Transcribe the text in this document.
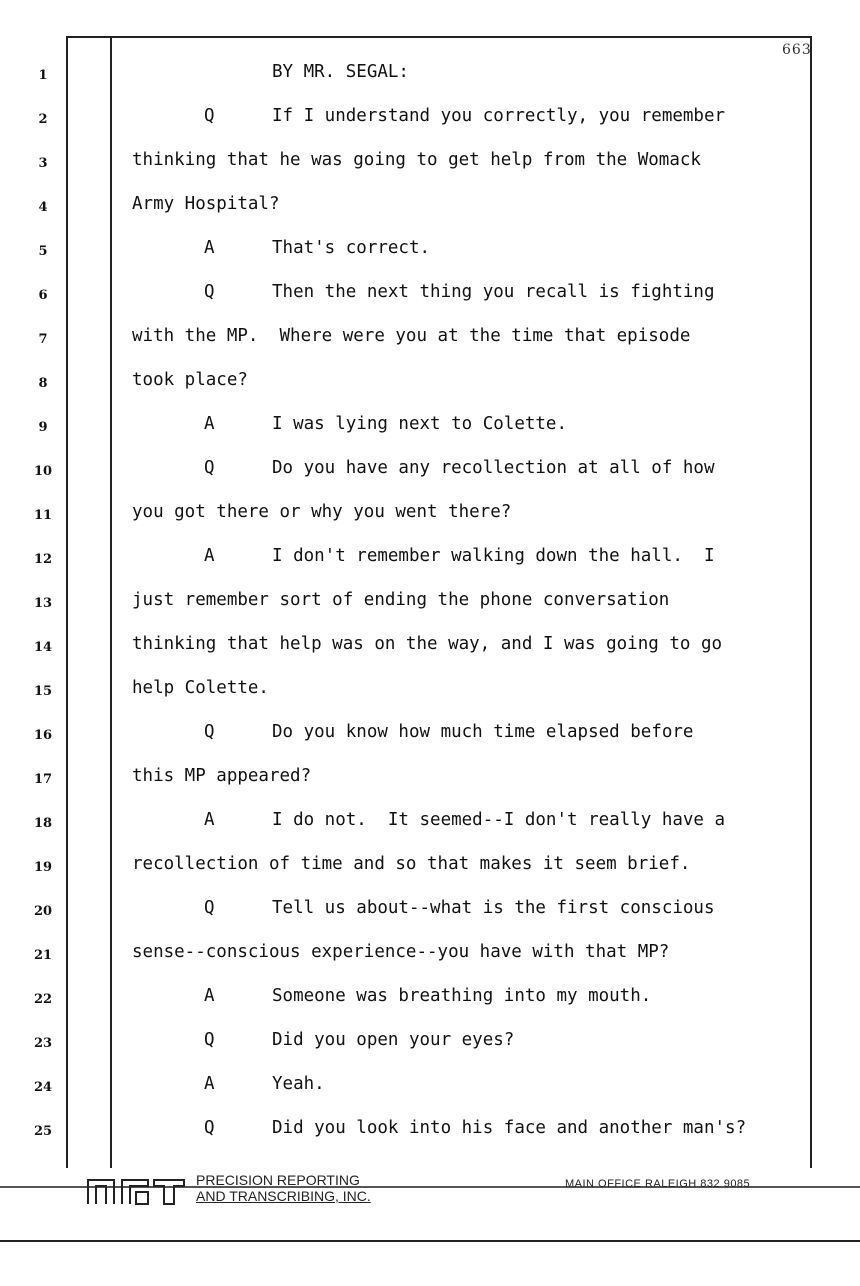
663
1	BY MR. SEGAL:
2	Q	If I understand you correctly, you remember
3	thinking that he was going to get help from the Womack
4	Army Hospital?
5	A	That's correct.
6	Q	Then the next thing you recall is fighting
7	with the MP.  Where were you at the time that episode
8	took place?
9	A	I was lying next to Colette.
10	Q	Do you have any recollection at all of how
11	you got there or why you went there?
12	A	I don't remember walking down the hall.  I
13	just remember sort of ending the phone conversation
14	thinking that help was on the way, and I was going to go
15	help Colette.
16	Q	Do you know how much time elapsed before
17	this MP appeared?
18	A	I do not.  It seemed--I don't really have a
19	recollection of time and so that makes it seem brief.
20	Q	Tell us about--what is the first conscious
21	sense--conscious experience--you have with that MP?
22	A	Someone was breathing into my mouth.
23	Q	Did you open your eyes?
24	A	Yeah.
25	Q	Did you look into his face and another man's?
PRECISION REPORTING
AND TRANSCRIBING, INC.
MAIN OFFICE RALEIGH 832 9085
